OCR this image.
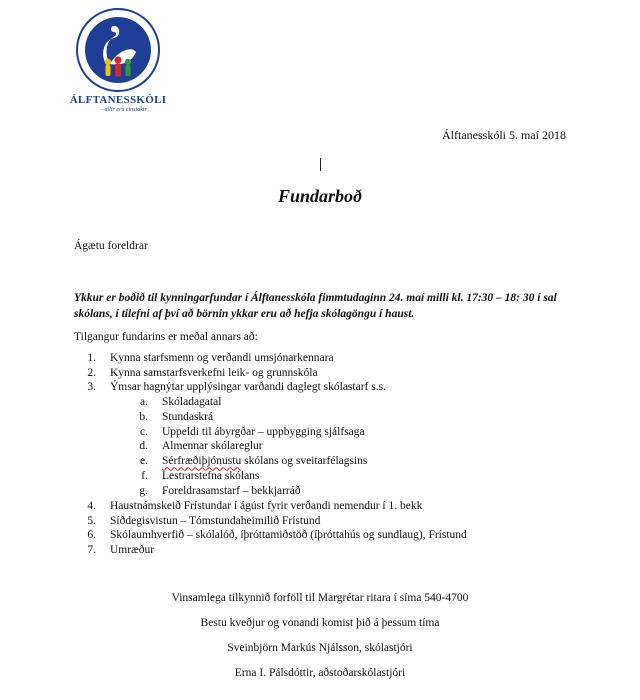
ÁLFTANESSKÓLI
– allir eru einstakir
Álftanesskóli 5. maí 2018
Fundarboð
Ágætu foreldrar
Ykkur er boðið til kynningarfundar í Álftanesskóla fimmtudaginn 24. maí milli kl. 17:30 – 18: 30 í sal skólans, í tilefni af því að börnin ykkar eru að hefja skólagöngu í haust.
Tilgangur fundarins er meðal annars að:
1. Kynna starfsmenn og verðandi umsjónarkennara
2. Kynna samstarfsverkefni leik- og grunnskóla
3. Ýmsar hagnýtar upplýsingar varðandi daglegt skólastarf s.s.
a. Skóladagatal
b. Stundaskrá
c. Uppeldi til ábyrgðar – uppbygging sjálfsaga
d. Almennar skólareglur
e. Sérfræðiþjónustu skólans og sveitarfélagsins
f. Lestrarstefna skólans
g. Foreldrasamstarf – bekkjarráð
4. Haustnámskeið Frístundar í ágúst fyrir verðandi nemendur í 1. bekk
5. Síðdegisvistun – Tómstundaheimilið Frístund
6. Skólaumhverfið – skólalóð, íþróttamiðstöð (íþróttahús og sundlaug), Frístund
7. Umræður
Vinsamlega tilkynnið forföll til Margrétar ritara í síma 540-4700
Bestu kveðjur og vonandi komist þið á þessum tíma
Sveinbjörn Markús Njálsson, skólastjóri
Erna I. Pálsdóttir, aðstoðarskólastjóri
